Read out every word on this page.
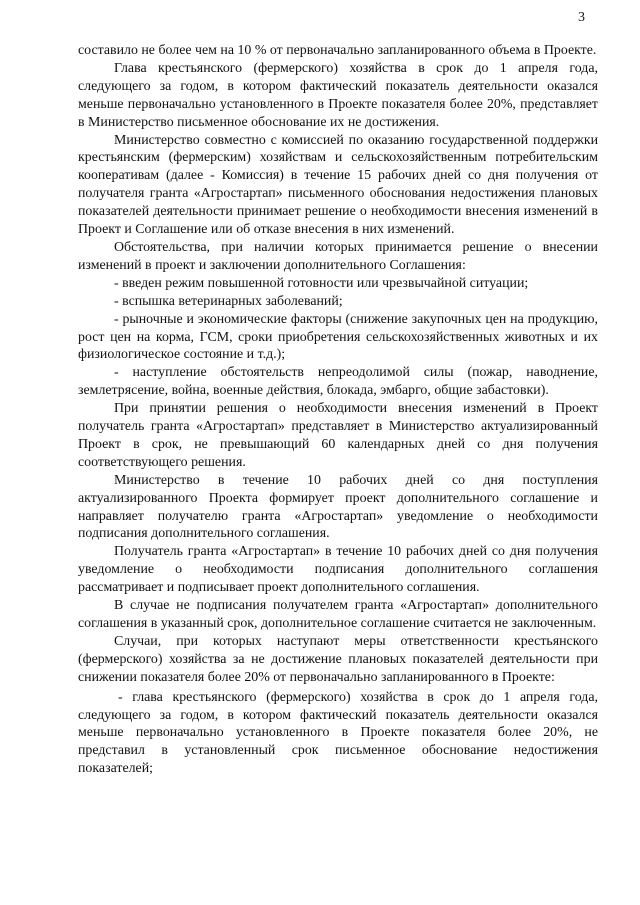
3

составило не более чем на 10 % от первоначально запланированного объема в Проекте.

Глава крестьянского (фермерского) хозяйства в срок до 1 апреля года, следующего за годом, в котором фактический показатель деятельности оказался меньше первоначально установленного в Проекте показателя более 20%, представляет в Министерство письменное обоснование их не достижения.

Министерство совместно с комиссией по оказанию государственной поддержки крестьянским (фермерским) хозяйствам и сельскохозяйственным потребительским кооперативам (далее - Комиссия) в течение 15 рабочих дней со дня получения от получателя гранта «Агростартап» письменного обоснования недостижения плановых показателей деятельности принимает решение о необходимости внесения изменений в Проект и Соглашение или об отказе внесения в них изменений.

Обстоятельства, при наличии которых принимается решение о внесении изменений в проект и заключении дополнительного Соглашения:

- введен режим повышенной готовности или чрезвычайной ситуации;

- вспышка ветеринарных заболеваний;

- рыночные и экономические факторы (снижение закупочных цен на продукцию, рост цен на корма, ГСМ, сроки приобретения сельскохозяйственных животных и их физиологическое состояние и т.д.);

- наступление обстоятельств непреодолимой силы (пожар, наводнение, землетрясение, война, военные действия, блокада, эмбарго, общие забастовки).

При принятии решения о необходимости внесения изменений в Проект получатель гранта «Агростартап» представляет в Министерство актуализированный Проект в срок, не превышающий 60 календарных дней со дня получения соответствующего решения.

Министерство в течение 10 рабочих дней со дня поступления актуализированного Проекта формирует проект дополнительного соглашение и направляет получателю гранта «Агростартап» уведомление о необходимости подписания дополнительного соглашения.

Получатель гранта «Агростартап» в течение 10 рабочих дней со дня получения уведомление о необходимости подписания дополнительного соглашения рассматривает и подписывает проект дополнительного соглашения.

В случае не подписания получателем гранта «Агростартап» дополнительного соглашения в указанный срок, дополнительное соглашение считается не заключенным.

Случаи, при которых наступают меры ответственности крестьянского (фермерского) хозяйства за не достижение плановых показателей деятельности при снижении показателя более 20% от первоначально запланированного в Проекте:

- глава крестьянского (фермерского) хозяйства в срок до 1 апреля года, следующего за годом, в котором фактический показатель деятельности оказался меньше первоначально установленного в Проекте показателя более 20%, не представил в установленный срок письменное обоснование недостижения показателей;
